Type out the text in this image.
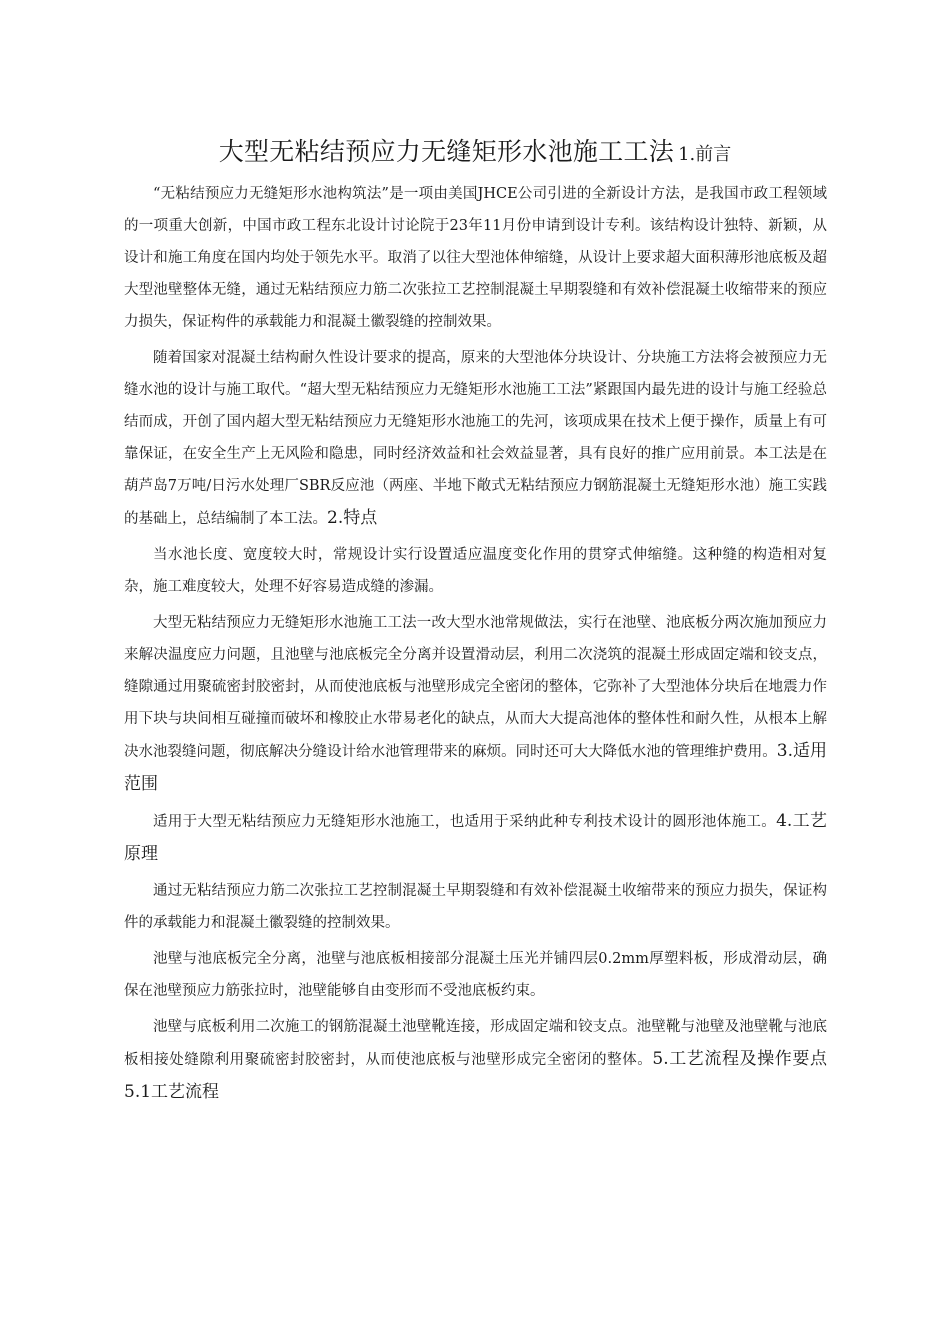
大型无粘结预应力无缝矩形水池施工工法 1.前言

“无粘结预应力无缝矩形水池构筑法”是一项由美国JHCE公司引进的全新设计方法，是我国市政工程领域的一项重大创新，中国市政工程东北设计讨论院于23年11月份申请到设计专利。该结构设计独特、新颖，从设计和施工角度在国内均处于领先水平。取消了以往大型池体伸缩缝，从设计上要求超大面积薄形池底板及超大型池壁整体无缝，通过无粘结预应力筋二次张拉工艺控制混凝土早期裂缝和有效补偿混凝土收缩带来的预应力损失，保证构件的承载能力和混凝土徽裂缝的控制效果。

随着国家对混凝土结构耐久性设计要求的提高，原来的大型池体分块设计、分块施工方法将会被预应力无缝水池的设计与施工取代。“超大型无粘结预应力无缝矩形水池施工工法”紧跟国内最先进的设计与施工经验总结而成，开创了国内超大型无粘结预应力无缝矩形水池施工的先河，该项成果在技术上便于操作，质量上有可靠保证，在安全生产上无风险和隐患，同时经济效益和社会效益显著，具有良好的推广应用前景。本工法是在葫芦岛7万吨/日污水处理厂SBR反应池（两座、半地下敞式无粘结预应力钢筋混凝土无缝矩形水池）施工实践的基础上，总结编制了本工法。2.特点

当水池长度、宽度较大时，常规设计实行设置适应温度变化作用的贯穿式伸缩缝。这种缝的构造相对复杂，施工难度较大，处理不好容易造成缝的渗漏。

大型无粘结预应力无缝矩形水池施工工法一改大型水池常规做法，实行在池壁、池底板分两次施加预应力来解决温度应力问题，且池壁与池底板完全分离并设置滑动层，利用二次浇筑的混凝土形成固定端和铰支点，缝隙通过用聚硫密封胶密封，从而使池底板与池壁形成完全密闭的整体，它弥补了大型池体分块后在地震力作用下块与块间相互碰撞而破坏和橡胶止水带易老化的缺点，从而大大提高池体的整体性和耐久性，从根本上解决水池裂缝问题，彻底解决分缝设计给水池管理带来的麻烦。同时还可大大降低水池的管理维护费用。3.适用范围

适用于大型无粘结预应力无缝矩形水池施工，也适用于采纳此种专利技术设计的圆形池体施工。4.工艺原理

通过无粘结预应力筋二次张拉工艺控制混凝土早期裂缝和有效补偿混凝土收缩带来的预应力损失，保证构件的承载能力和混凝土徽裂缝的控制效果。

池壁与池底板完全分离，池壁与池底板相接部分混凝土压光并铺四层0.2mm厚塑料板，形成滑动层，确保在池壁预应力筋张拉时，池壁能够自由变形而不受池底板约束。

池壁与底板利用二次施工的钢筋混凝土池壁靴连接，形成固定端和铰支点。池壁靴与池壁及池壁靴与池底板相接处缝隙利用聚硫密封胶密封，从而使池底板与池壁形成完全密闭的整体。5.工艺流程及操作要点5.1工艺流程
